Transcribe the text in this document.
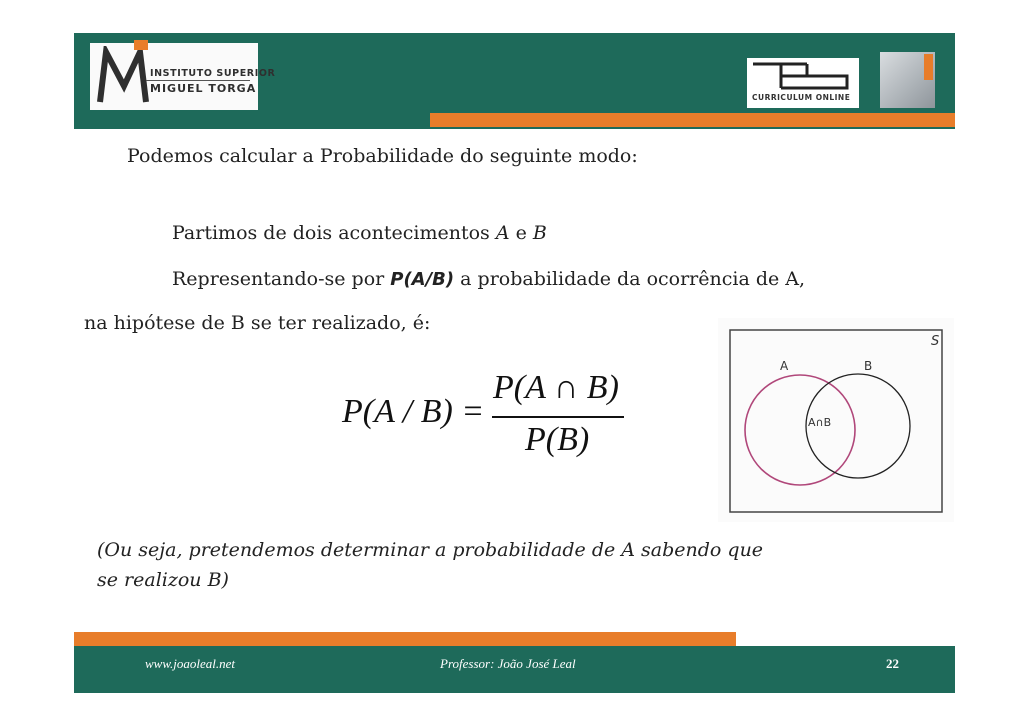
INSTITUTO SUPERIOR
MIGUEL TORGA
CURRICULUM ONLINE
Podemos calcular a Probabilidade do seguinte modo:
Partimos de dois acontecimentos A e B
Representando-se por P(A/B) a probabilidade da ocorrência de A,
na hipótese de B se ter realizado, é:
P(A / B) =
P(A ∩ B)
P(B)
S
A	B
A∩B
(Ou seja, pretendemos determinar a probabilidade de A sabendo que
se realizou B)
www.joaoleal.net	Professor: João José Leal	22
